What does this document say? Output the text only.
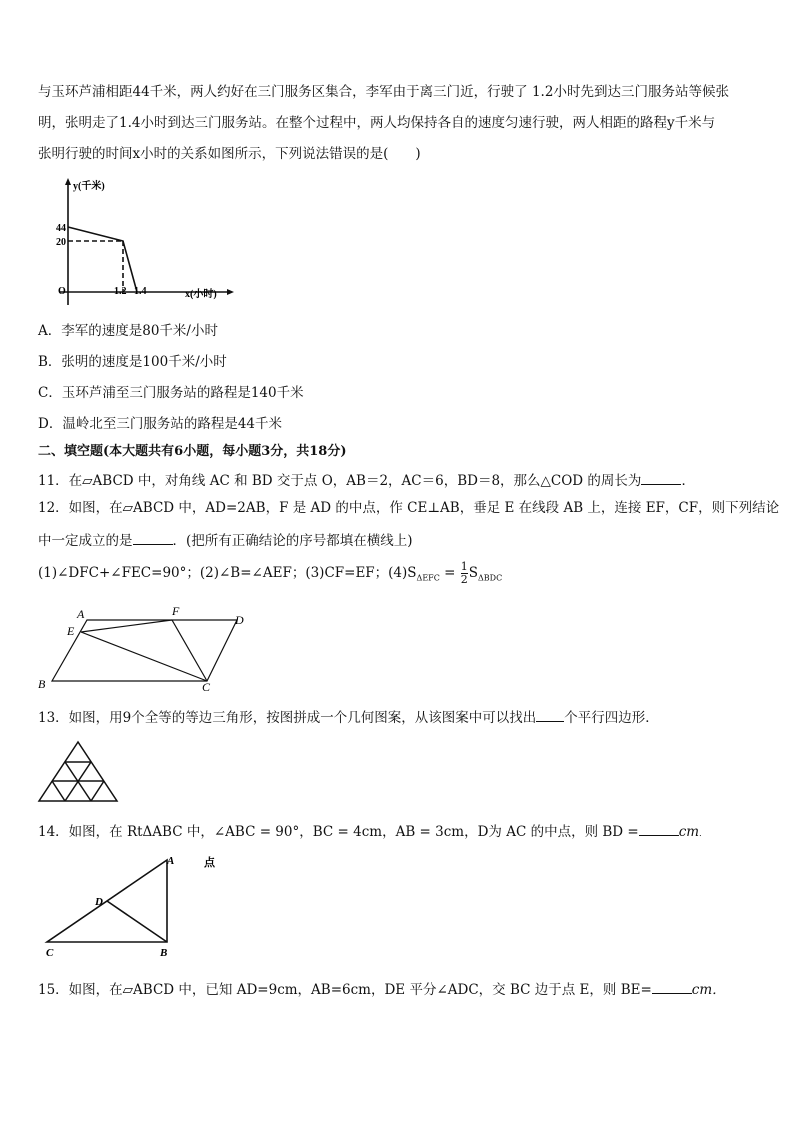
与玉环芦浦相距44千米，两人约好在三门服务区集合，李军由于离三门近，行驶了 1.2小时先到达三门服务站等候张
明，张明走了1.4小时到达三门服务站。在整个过程中，两人均保持各自的速度匀速行驶，两人相距的路程y千米与
张明行驶的时间x小时的关系如图所示，下列说法错误的是(　　)
y(千米)
x(小时)
44
20
O	1.2 1.4
A．李军的速度是80千米/小时
B．张明的速度是100千米/小时
C．玉环芦浦至三门服务站的路程是140千米
D．温岭北至三门服务站的路程是44千米
二、填空题(本大题共有6小题，每小题3分，共18分)
11．在▱ABCD 中，对角线 AC 和 BD 交于点 O，AB＝2，AC＝6，BD＝8，那么△COD 的周长为	．
12．如图，在▱ABCD 中，AD=2AB，F 是 AD 的中点，作 CE⊥AB，垂足 E 在线段 AB 上，连接 EF，CF，则下列结论
中一定成立的是	．(把所有正确结论的序号都填在横线上)
(1)∠DFC+∠FEC=90°；(2)∠B=∠AEF；(3)CF=EF；$(4)S_{\Delta EFC} = \frac{1}{2} S_{\Delta BDC}$
A	F
D
E
B	C
13．如图，用9个全等的等边三角形，按图拼成一个几何图案，从该图案中可以找出 个平行四边形．
14．如图，在 RtΔABC 中，∠ABC = 90°，BC = 4cm，AB = 3cm，D为 AC 的中点，则 BD =	cm．
A
D
C	B
点
15．如图，在▱ABCD 中，已知 AD=9cm，AB=6cm，DE 平分∠ADC，交 BC 边于点 E，则 BE=	cm．
